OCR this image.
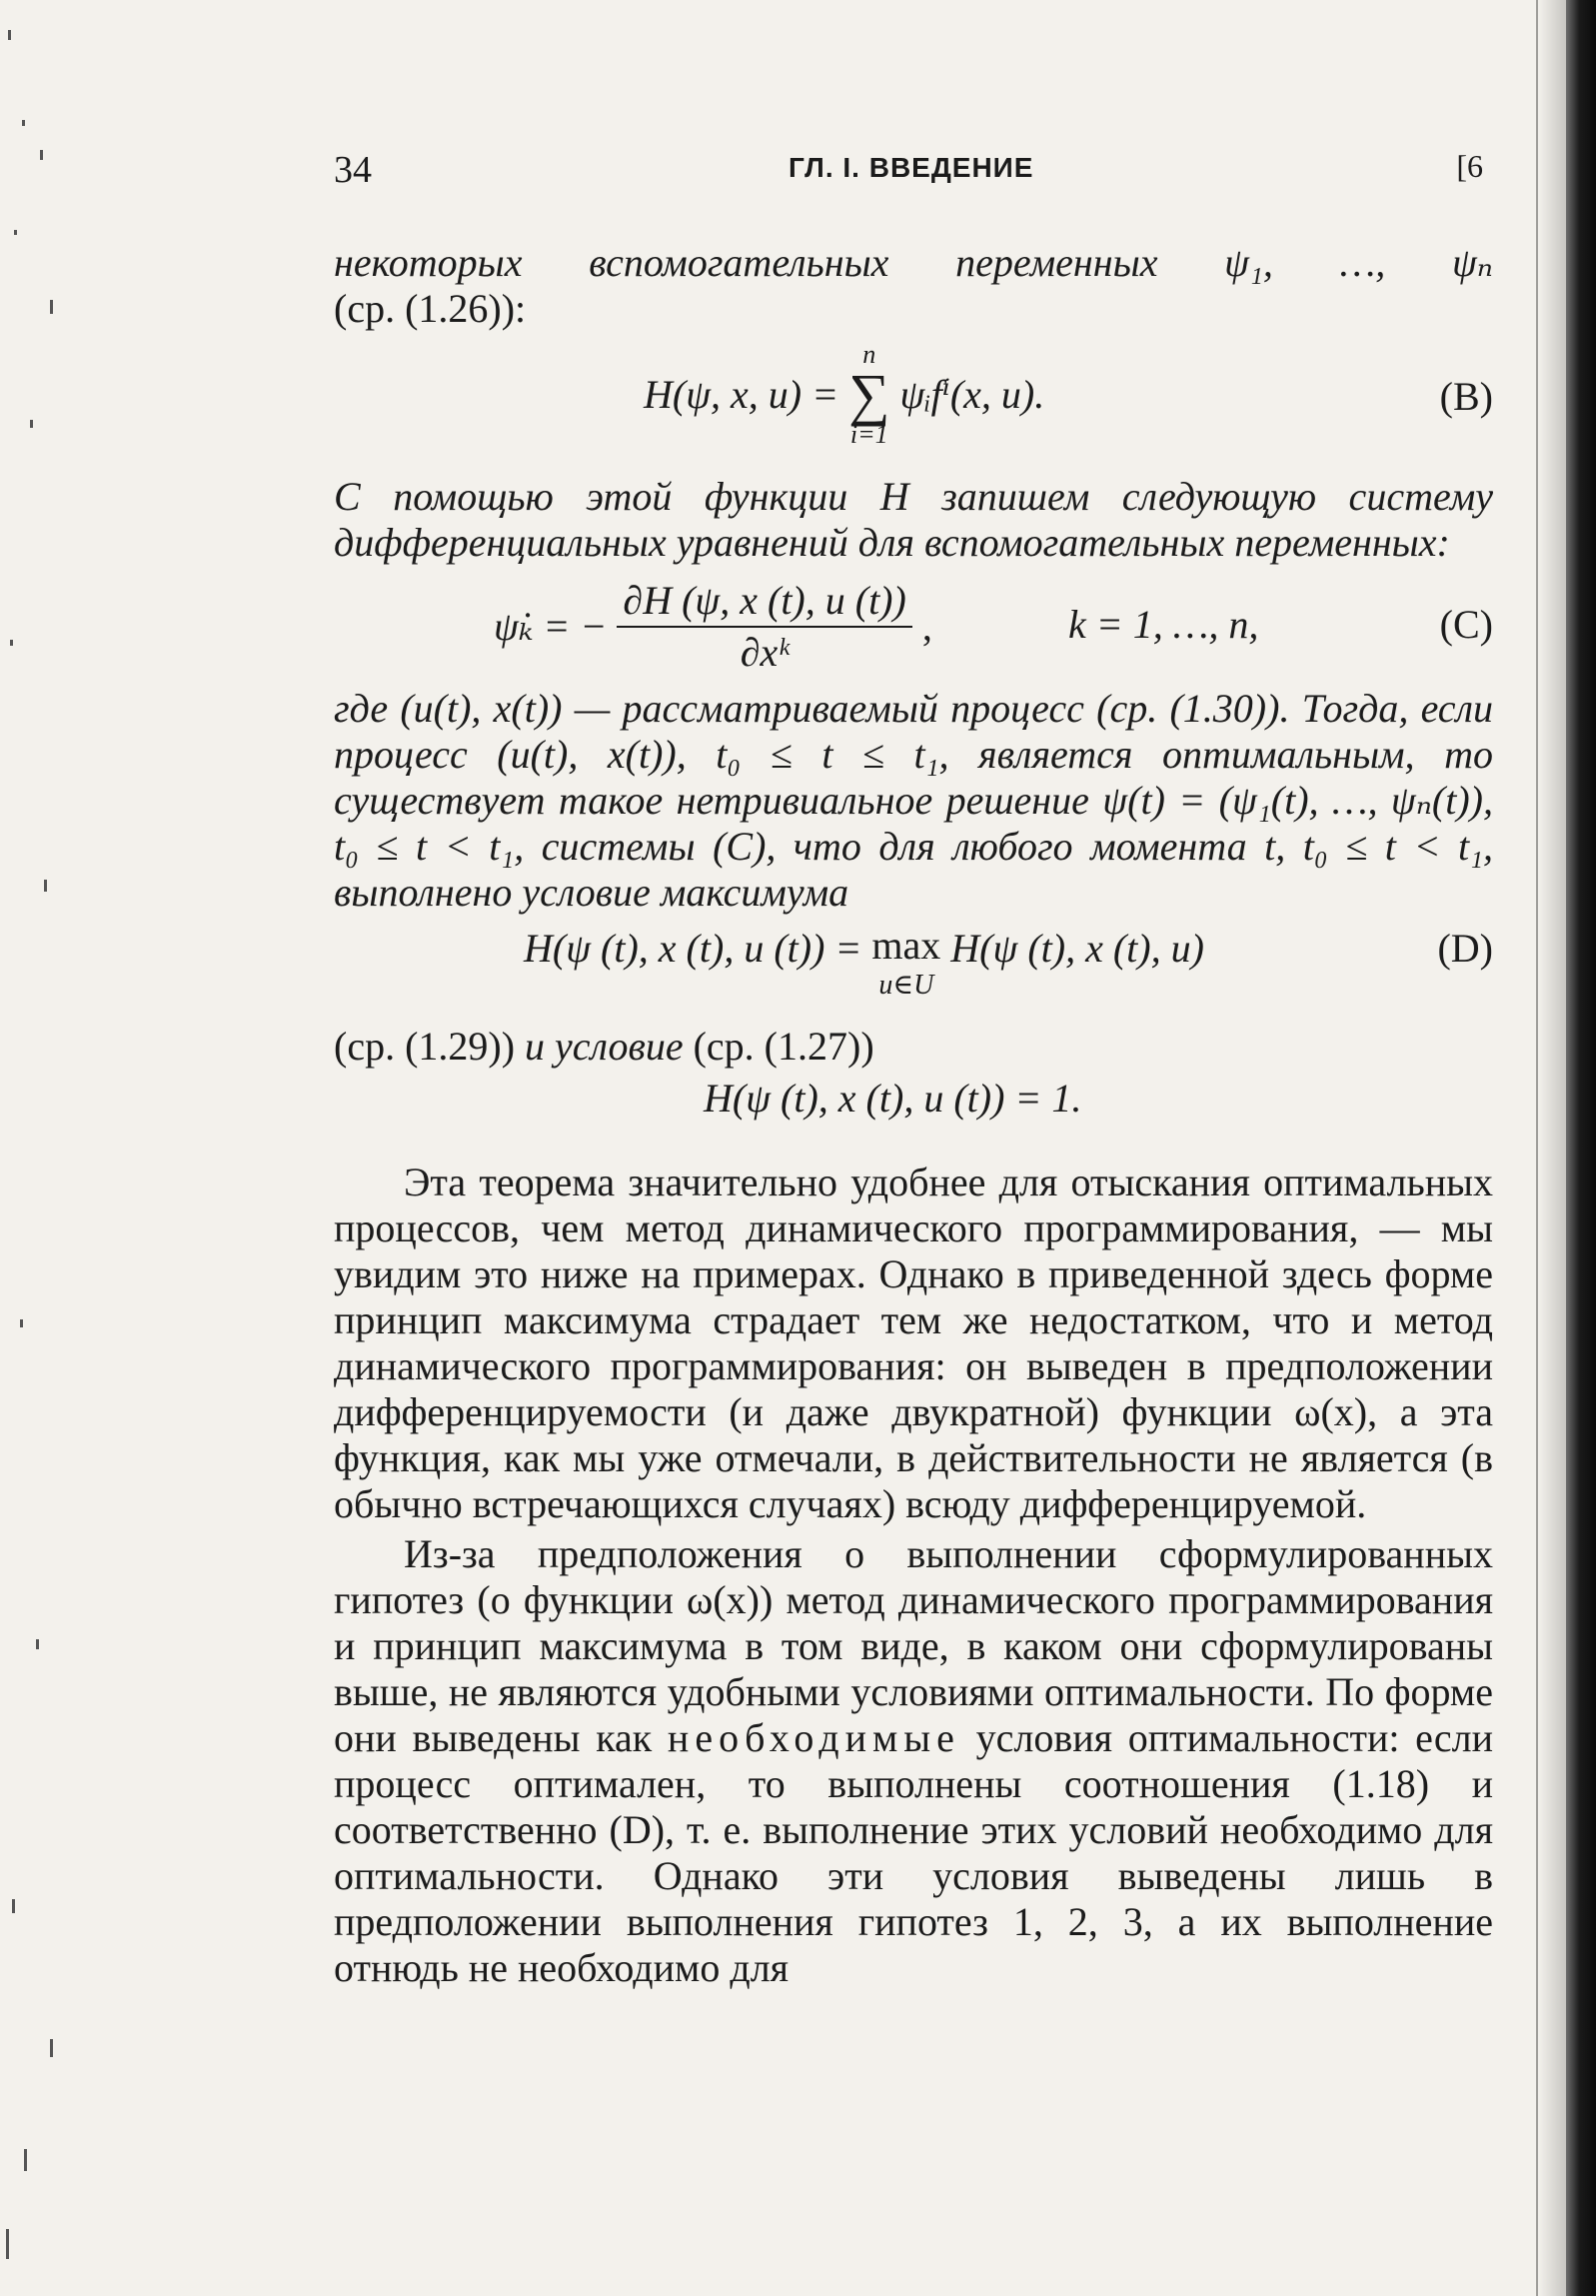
34	ГЛ. I. ВВЕДЕНИЕ	[6

некоторых вспомогательных переменных ψ₁, …, ψₙ

(ср. (1.26)):

H(ψ, x, u) =
n
∑
i=1
ψᵢfⁱ(x, u).	(B)

С помощью этой функции H запишем следующую систему дифференциальных уравнений для вспомогательных переменных:

ψ̇ₖ = − $\frac{\partial H (\psi, x (t), u (t))}{\text{∂xᵏ}}$ ,	k = 1, …, n,	(C)

где (u(t), x(t)) — рассматриваемый процесс (ср. (1.30)). Тогда, если процесс (u(t), x(t)), t₀ ≤ t ≤ t₁, является оптимальным, то существует такое нетривиальное решение ψ(t) = (ψ₁(t), …, ψₙ(t)), t₀ ≤ t < t₁, системы (C), что для любого момента t, t₀ ≤ t < t₁, выполнено условие максимума

H(ψ (t), x (t), u (t)) = max
u∈U
H(ψ (t), x (t), u)	(D)

(ср. (1.29)) и условие (ср. (1.27))

H(ψ (t), x (t), u (t)) = 1.

Эта теорема значительно удобнее для отыскания оптимальных процессов, чем метод динамического программирования, — мы увидим это ниже на примерах. Однако в приведенной здесь форме принцип максимума страдает тем же недостатком, что и метод динамического программирования: он выведен в предположении дифференцируемости (и даже двукратной) функции ω(x), а эта функция, как мы уже отмечали, в действительности не является (в обычно встречающихся случаях) всюду дифференцируемой.

Из-за предположения о выполнении сформулированных гипотез (о функции ω(x)) метод динамического программирования и принцип максимума в том виде, в каком они сформулированы выше, не являются удобными условиями оптимальности. По форме они выведены как необходимые условия оптимальности: если процесс оптимален, то выполнены соотношения (1.18) и соответственно (D), т. е. выполнение этих условий необходимо для оптимальности. Однако эти условия выведены лишь в предположении выполнения гипотез 1, 2, 3, а их выполнение отнюдь не необходимо для
